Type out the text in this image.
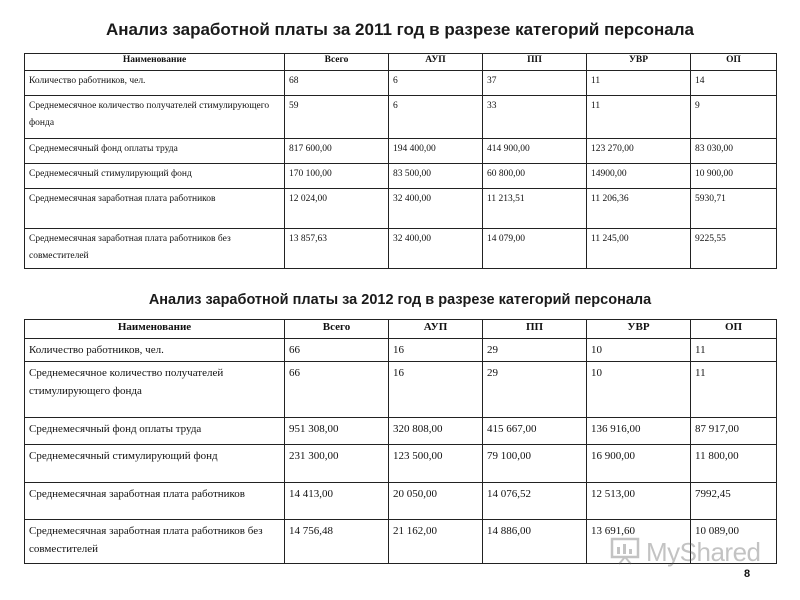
Анализ заработной платы за 2011 год в разрезе категорий персонала
Наименование	Всего	АУП	ПП	УВР	ОП
Количество работников, чел.	68	6	37	11	14
Среднемесячное количество получателей стимулирующего фонда	59	6	33	11	9
Среднемесячный фонд оплаты труда	817 600,00	194 400,00	414 900,00	123 270,00	83 030,00
Среднемесячный стимулирующий фонд	170 100,00	83 500,00	60 800,00	14900,00	10 900,00
Среднемесячная заработная плата работников	12 024,00	32 400,00	11 213,51	11 206,36	5930,71
Среднемесячная заработная плата работников без совместителей	13 857,63	32 400,00	14 079,00	11 245,00	9225,55
Анализ заработной платы за 2012 год в разрезе категорий персонала
Наименование	Всего	АУП	ПП	УВР	ОП
Количество работников, чел.	66	16	29	10	11
Среднемесячное количество получателей стимулирующего фонда	66	16	29	10	11
Среднемесячный фонд оплаты труда	951 308,00	320 808,00	415 667,00	136 916,00	87 917,00
Среднемесячный стимулирующий фонд	231 300,00	123 500,00	79 100,00	16 900,00	11 800,00
Среднемесячная заработная плата работников	14 413,00	20 050,00	14 076,52	12 513,00	7992,45
Среднемесячная заработная плата работников без совместителей	14 756,48	21 162,00	14 886,00	13 691,60	10 089,00
MyShared
8
